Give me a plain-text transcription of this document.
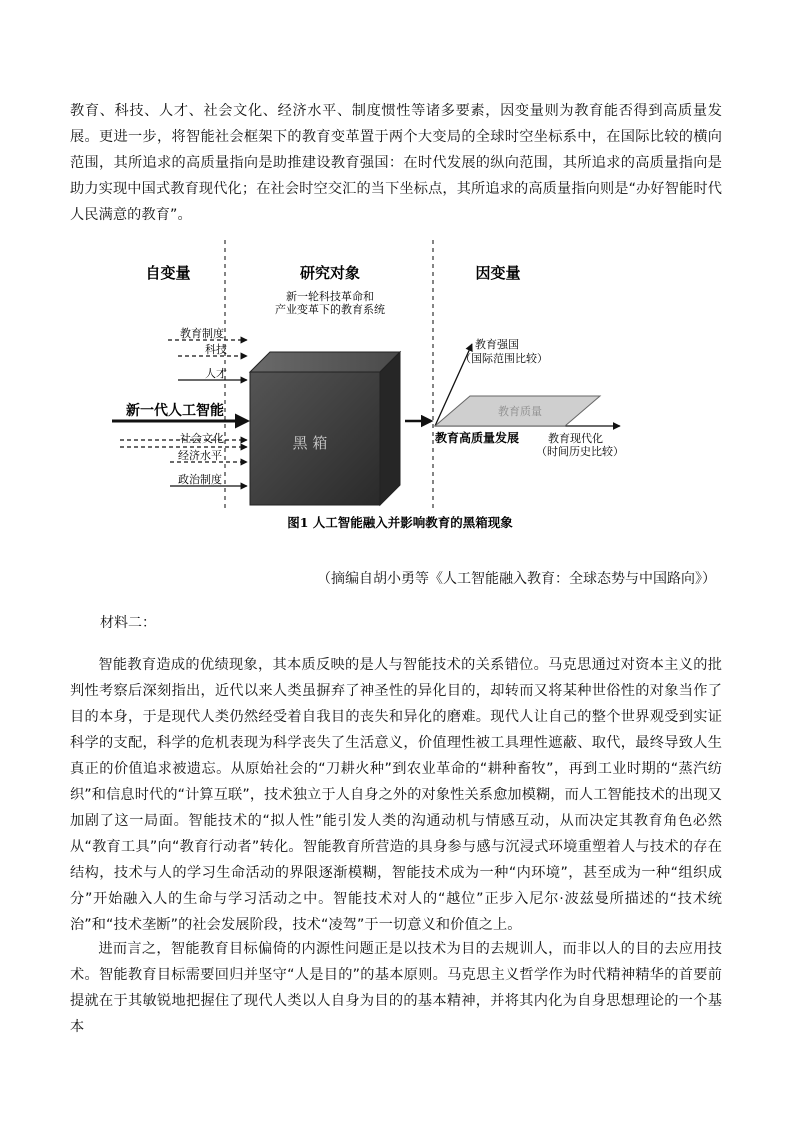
教育、科技、人才、社会文化、经济水平、制度惯性等诸多要素，因变量则为教育能否得到高质量发展。更进一步，将智能社会框架下的教育变革置于两个大变局的全球时空坐标系中，在国际比较的横向范围，其所追求的高质量指向是助推建设教育强国：在时代发展的纵向范围，其所追求的高质量指向是助力实现中国式教育现代化；在社会时空交汇的当下坐标点，其所追求的高质量指向则是“办好智能时代人民满意的教育”。

自变量	研究对象	因变量
新一轮科技革命和
产业变革下的教育系统
黑 箱
教育制度
科技
人才
新一代人工智能
社会文化
经济水平
政治制度
教育质量
教育强国
（国际范围比较）
教育高质量发展	教育现代化
（时间历史比较）
图1 人工智能融入并影响教育的黑箱现象
（摘编自胡小勇等《人工智能融入教育：全球态势与中国路向》）
材料二：

智能教育造成的优绩现象，其本质反映的是人与智能技术的关系错位。马克思通过对资本主义的批判性考察后深刻指出，近代以来人类虽摒弃了神圣性的异化目的，却转而又将某种世俗性的对象当作了目的本身，于是现代人类仍然经受着自我目的丧失和异化的磨难。现代人让自己的整个世界观受到实证科学的支配，科学的危机表现为科学丧失了生活意义，价值理性被工具理性遮蔽、取代，最终导致人生真正的价值追求被遗忘。从原始社会的“刀耕火种”到农业革命的“耕种畜牧”，再到工业时期的“蒸汽纺织”和信息时代的“计算互联”，技术独立于人自身之外的对象性关系愈加模糊，而人工智能技术的出现又加剧了这一局面。智能技术的“拟人性”能引发人类的沟通动机与情感互动，从而决定其教育角色必然从“教育工具”向“教育行动者”转化。智能教育所营造的具身参与感与沉浸式环境重塑着人与技术的存在结构，技术与人的学习生命活动的界限逐渐模糊，智能技术成为一种“内环境”，甚至成为一种“组织成分”开始融入人的生命与学习活动之中。智能技术对人的“越位”正步入尼尔·波兹曼所描述的“技术统治”和“技术垄断”的社会发展阶段，技术“凌驾”于一切意义和价值之上。

进而言之，智能教育目标偏倚的内源性问题正是以技术为目的去规训人，而非以人的目的去应用技术。智能教育目标需要回归并坚守“人是目的”的基本原则。马克思主义哲学作为时代精神精华的首要前提就在于其敏锐地把握住了现代人类以人自身为目的的基本精神，并将其内化为自身思想理论的一个基本
